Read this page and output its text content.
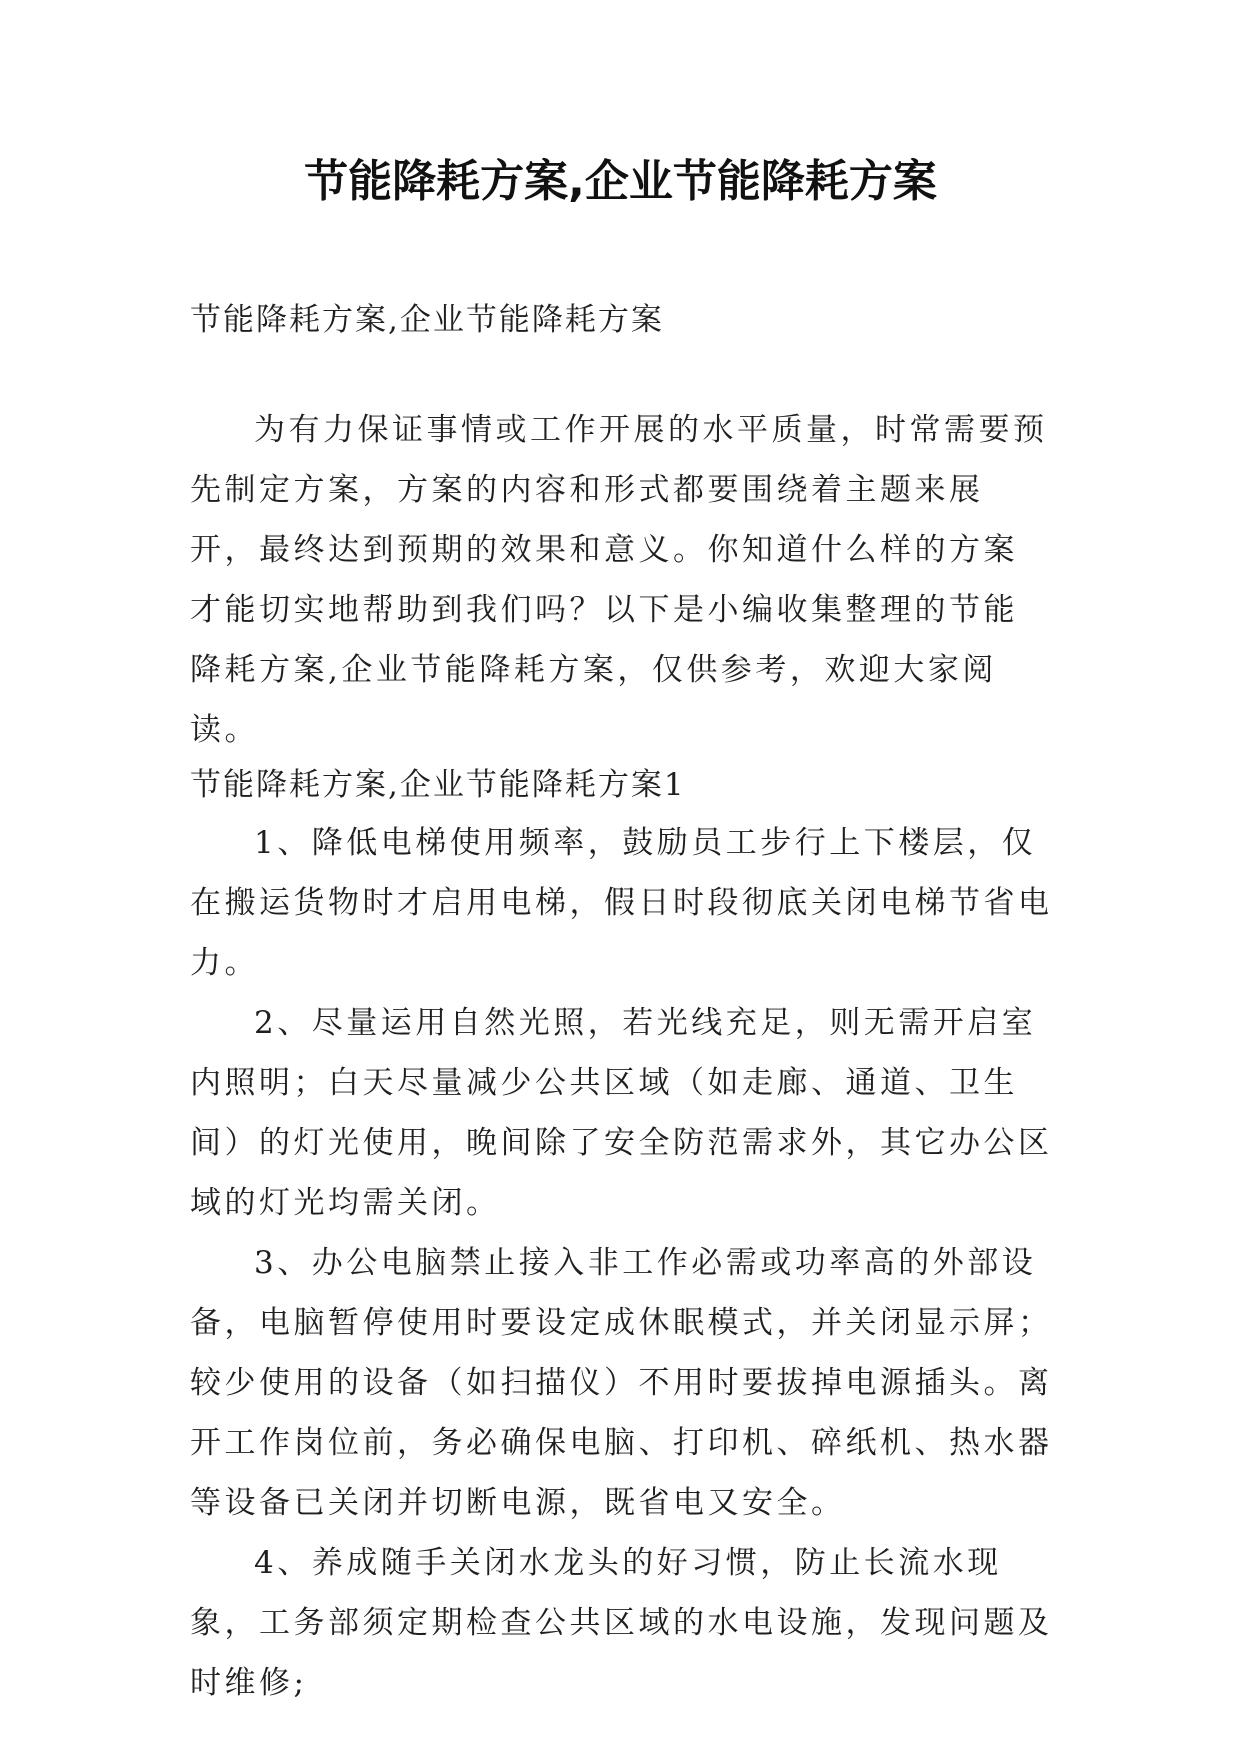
节能降耗方案,企业节能降耗方案

节能降耗方案,企业节能降耗方案

为有力保证事情或工作开展的水平质量，时常需要预先制定方案，方案的内容和形式都要围绕着主题来展开，最终达到预期的效果和意义。你知道什么样的方案才能切实地帮助到我们吗？以下是小编收集整理的节能降耗方案,企业节能降耗方案，仅供参考，欢迎大家阅读。

节能降耗方案,企业节能降耗方案1

1、降低电梯使用频率，鼓励员工步行上下楼层，仅在搬运货物时才启用电梯，假日时段彻底关闭电梯节省电力。

2、尽量运用自然光照，若光线充足，则无需开启室内照明；白天尽量减少公共区域（如走廊、通道、卫生间）的灯光使用，晚间除了安全防范需求外，其它办公区域的灯光均需关闭。

3、办公电脑禁止接入非工作必需或功率高的外部设备，电脑暂停使用时要设定成休眠模式，并关闭显示屏；较少使用的设备（如扫描仪）不用时要拔掉电源插头。离开工作岗位前，务必确保电脑、打印机、碎纸机、热水器等设备已关闭并切断电源，既省电又安全。

4、养成随手关闭水龙头的好习惯，防止长流水现象，工务部须定期检查公共区域的水电设施，发现问题及时维修;
